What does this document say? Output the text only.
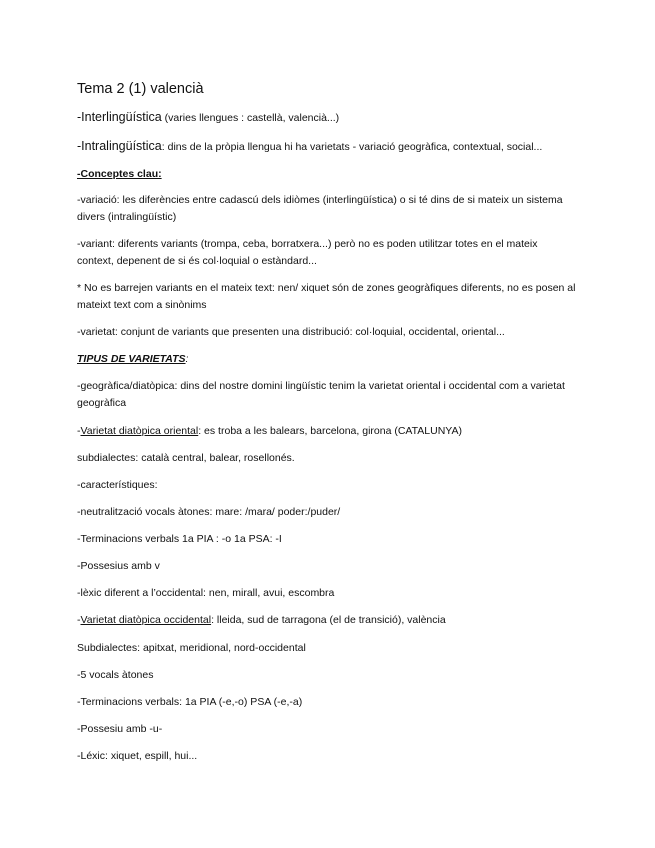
Tema 2 (1) valencià
-Interlingüística (varies llengues : castellà, valencià...)
-Intralingüística: dins de la pròpia llengua hi ha varietats - variació geogràfica, contextual, social...
-Conceptes clau:
-variació: les diferències entre cadascú dels idiòmes (interlingüística) o si té dins de si mateix un sistema divers (intralingüístic)
-variant: diferents variants (trompa, ceba, borratxera...) però no es poden utilitzar totes en el mateix context, depenent de si és col·loquial o estàndard...
* No es barrejen variants en el mateix text: nen/ xiquet són de zones geogràfiques diferents, no es posen al mateixt text com a sinònims
-varietat: conjunt de variants que presenten una distribució: col·loquial, occidental, oriental...
TIPUS DE VARIETATS:
-geogràfica/diatòpica: dins del nostre domini lingüístic tenim la varietat oriental i occidental com a varietat geogràfica
-Varietat diatòpica oriental: es troba a les balears, barcelona, girona (CATALUNYA)
subdialectes: català central, balear, rosellonés.
-característiques:
-neutralització vocals àtones: mare: /mara/ poder:/puder/
-Terminacions verbals 1a PIA : -o 1a PSA: -I
-Possesius amb v
-lèxic diferent a l’occidental: nen, mirall, avui, escombra
-Varietat diatòpica occidental: lleida, sud de tarragona (el de transició), valència
Subdialectes: apitxat, meridional, nord-occidental
-5 vocals àtones
-Terminacions verbals: 1a PIA (-e,-o) PSA (-e,-a)
-Possesiu amb -u-
-Léxic: xiquet, espill, hui...
